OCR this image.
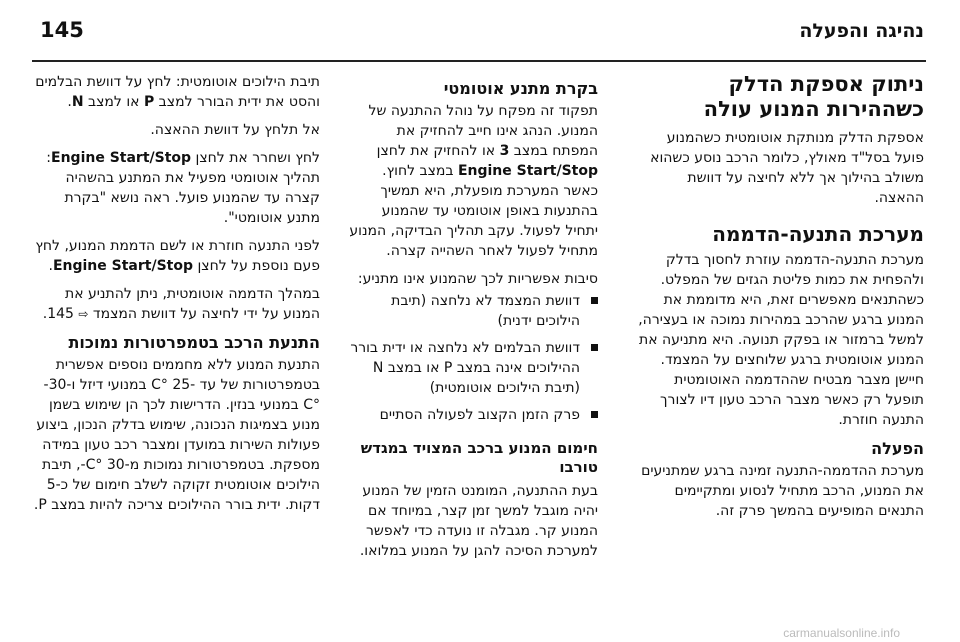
145	נהיגה והפעלה
ניתוק אספקת הדלק
כשההירות המנוע עולה

אספקת הדלק מנותקת אוטומטית כשהמנוע פועל בסל"ד מאולץ, כלומר הרכב נוסע כשהוא משולב בהילוך אך ללא לחיצה על דוושת ההאצה.

מערכת התנעה-הדממה

מערכת התנעה-הדממה עוזרת לחסוך בדלק ולהפחית את כמות פליטת הגזים של המפלט. כשהתנאים מאפשרים זאת, היא מדוממת את המנוע ברגע שהרכב במהירות נמוכה או בעצירה, למשל ברמזור או בפקק תנועה. היא מתניעה את המנוע אוטומטית ברגע שלוחצים על המצמד. חיישן מצבר מבטיח שההדממה האוטומטית תופעל רק כאשר מצבר הרכב טעון דיו לצורך התנעה חוזרת.

הפעלה

מערכת ההדממה-התנעה זמינה ברגע שמתניעים את המנוע, הרכב מתחיל לנסוע ומתקיימים התנאים המופיעים בהמשך פרק זה.

בקרת מתנע אוטומטי

תפקוד זה מפקח על נוהל ההתנעה של המנוע. הנהג אינו חייב להחזיק את המפתח במצב 3 או להחזיק את לחצן Engine Start/Stop במצב לחוץ. כאשר המערכת מופעלת, היא תמשיך בהתנעות באופן אוטומטי עד שהמנוע יתחיל לפעול. עקב תהליך הבדיקה, המנוע מתחיל לפעול לאחר השהייה קצרה.

סיבות אפשריות לכך שהמנוע אינו מתניע:

דוושת המצמד לא נלחצה (תיבת הילוכים ידנית)
דוושת הבלמים לא נלחצה או ידית בורר ההילוכים אינה במצב P או במצב N (תיבת הילוכים אוטומטית)
פרק הזמן הקצוב לפעולה הסתיים
חימום המנוע ברכב המצויד במגדש טורבו

בעת ההתנעה, המומנט הזמין של המנוע יהיה מוגבל למשך זמן קצר, במיוחד אם המנוע קר. מגבלה זו נועדה כדי לאפשר למערכת הסיכה להגן על המנוע במלואו.

תיבת הילוכים אוטומטית: לחץ על דוושת הבלמים והסט את ידית הבורר למצב P או למצב N.

אל תלחץ על דוושת ההאצה.

לחץ ושחרר את לחצן Engine Start/Stop: תהליך אוטומטי מפעיל את המתנע בהשהיה קצרה עד שהמנוע פועל. ראה נושא "בקרת מתנע אוטומטי".

לפני התנעה חוזרת או לשם הדממת המנוע, לחץ פעם נוספת על לחצן Engine Start/Stop.

במהלך הדממה אוטומטית, ניתן להתניע את המנוע על ידי לחיצה על דוושת המצמד ⇨ 145.

התנעת הרכב בטמפרטורות נמוכות

התנעת המנוע ללא מחממים נוספים אפשרית בטמפרטורות של עד -25 °C במנועי דיזל ו-30- °C במנועי בנזין. הדרישות לכך הן שימוש בשמן מנוע בצמיגות הנכונה, שימוש בדלק הנכון, ביצוע פעולות השירות במועדן ומצבר רכב טעון במידה מספקת. בטמפרטורות נמוכות מ-30 °C-, תיבת הילוכים אוטומטית זקוקה לשלב חימום של כ-5 דקות. ידית בורר ההילוכים צריכה להיות במצב P.

carmanualsonline.info
